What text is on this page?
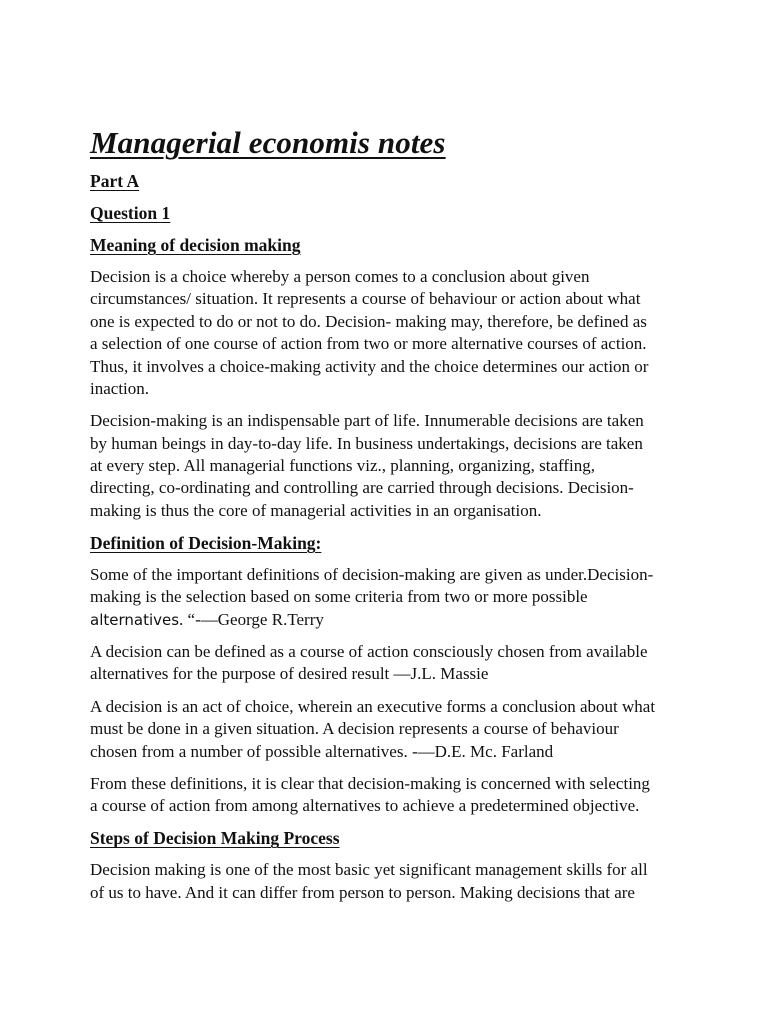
Managerial economis notes
Part A
Question 1
Meaning of decision making
Decision is a choice whereby a person comes to a conclusion about given
circumstances/ situation. It represents a course of behaviour or action about what
one is expected to do or not to do. Decision- making may, therefore, be defined as
a selection of one course of action from two or more alternative courses of action.
Thus, it involves a choice-making activity and the choice determines our action or
inaction.
Decision-making is an indispensable part of life. Innumerable decisions are taken
by human beings in day-to-day life. In business undertakings, decisions are taken
at every step. All managerial functions viz., planning, organizing, staffing,
directing, co-ordinating and controlling are carried through decisions. Decision-
making is thus the core of managerial activities in an organisation.
Definition of Decision-Making:
Some of the important definitions of decision-making are given as under.Decision-
making is the selection based on some criteria from two or more possible
alternatives. “-—George R.Terry
A decision can be defined as a course of action consciously chosen from available
alternatives for the purpose of desired result —J.L. Massie
A decision is an act of choice, wherein an executive forms a conclusion about what
must be done in a given situation. A decision represents a course of behaviour
chosen from a number of possible alternatives. -—D.E. Mc. Farland
From these definitions, it is clear that decision-making is concerned with selecting
a course of action from among alternatives to achieve a predetermined objective.
Steps of Decision Making Process
Decision making is one of the most basic yet significant management skills for all
of us to have. And it can differ from person to person. Making decisions that are
